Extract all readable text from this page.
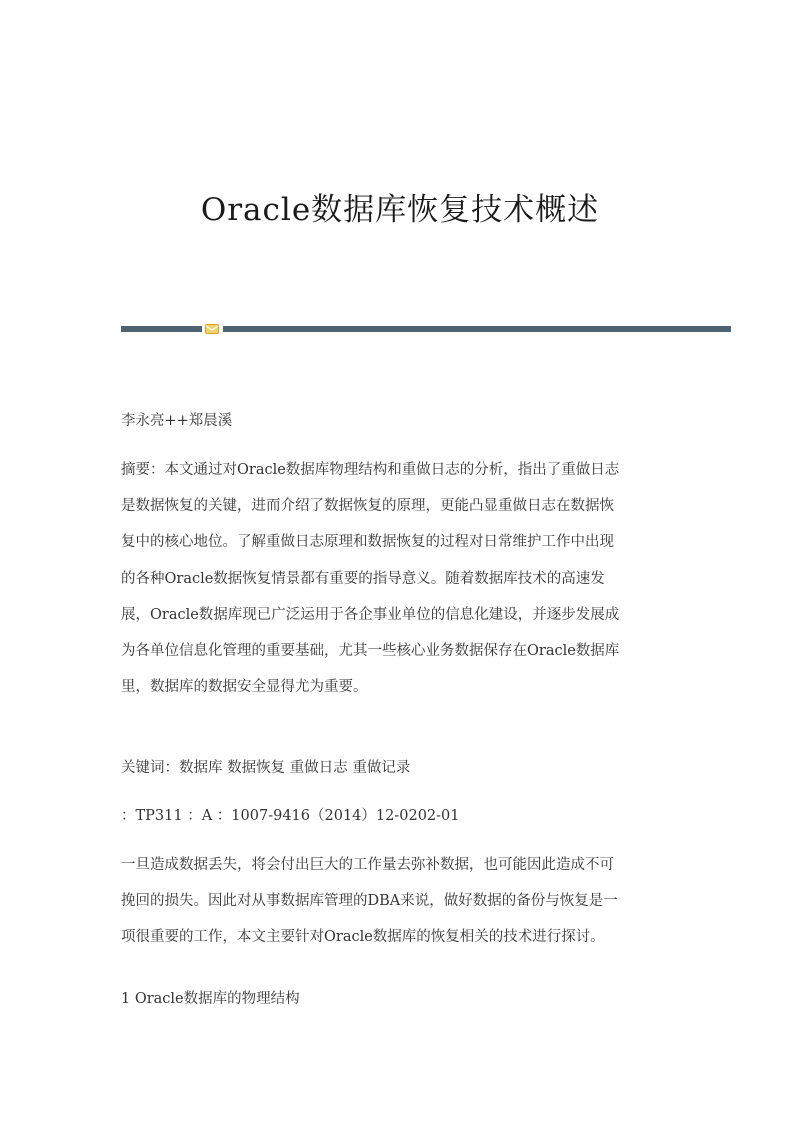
Oracle数据库恢复技术概述

李永亮++郑晨溪

摘要：本文通过对Oracle数据库物理结构和重做日志的分析，指出了重做日志
是数据恢复的关键，进而介绍了数据恢复的原理，更能凸显重做日志在数据恢
复中的核心地位。了解重做日志原理和数据恢复的过程对日常维护工作中出现
的各种Oracle数据恢复情景都有重要的指导意义。随着数据库技术的高速发
展，Oracle数据库现已广泛运用于各企事业单位的信息化建设，并逐步发展成
为各单位信息化管理的重要基础，尤其一些核心业务数据保存在Oracle数据库
里，数据库的数据安全显得尤为重要。

关键词：数据库 数据恢复 重做日志 重做记录

：TP311 ：A ：1007-9416（2014）12-0202-01

一旦造成数据丢失，将会付出巨大的工作量去弥补数据，也可能因此造成不可
挽回的损失。因此对从事数据库管理的DBA来说，做好数据的备份与恢复是一
项很重要的工作，本文主要针对Oracle数据库的恢复相关的技术进行探讨。

1 Oracle数据库的物理结构
